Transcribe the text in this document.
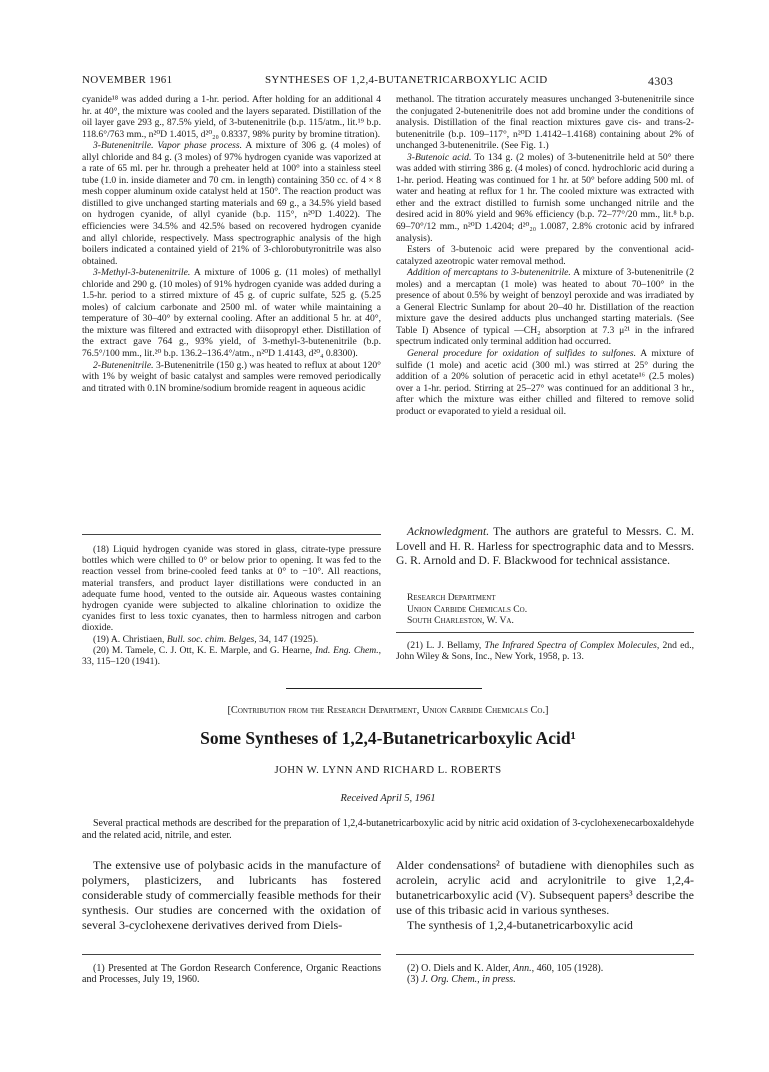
NOVEMBER 1961	SYNTHESES OF 1,2,4-BUTANETRICARBOXYLIC ACID	4303

cyanide¹⁸ was added during a 1-hr. period. After holding for an additional 4 hr. at 40°, the mixture was cooled and the layers separated. Distillation of the oil layer gave 293 g., 87.5% yield, of 3-butenenitrile (b.p. 115/atm., lit.¹⁹ b.p. 118.6°/763 mm., n²⁰D 1.4015, d²⁰₂₀ 0.8337, 98% purity by bromine titration).

3-Butenenitrile. Vapor phase process. A mixture of 306 g. (4 moles) of allyl chloride and 84 g. (3 moles) of 97% hydrogen cyanide was vaporized at a rate of 65 ml. per hr. through a preheater held at 100° into a stainless steel tube (1.0 in. inside diameter and 70 cm. in length) containing 350 cc. of 4 × 8 mesh copper aluminum oxide catalyst held at 150°. The reaction product was distilled to give unchanged starting materials and 69 g., a 34.5% yield based on hydrogen cyanide, of allyl cyanide (b.p. 115°, n²⁰D 1.4022). The efficiencies were 34.5% and 42.5% based on recovered hydrogen cyanide and allyl chloride, respectively. Mass spectrographic analysis of the high boilers indicated a contained yield of 21% of 3-chlorobutyronitrile was also obtained.

3-Methyl-3-butenenitrile. A mixture of 1006 g. (11 moles) of methallyl chloride and 290 g. (10 moles) of 91% hydrogen cyanide was added during a 1.5-hr. period to a stirred mixture of 45 g. of cupric sulfate, 525 g. (5.25 moles) of calcium carbonate and 2500 ml. of water while maintaining a temperature of 30–40° by external cooling. After an additional 5 hr. at 40°, the mixture was filtered and extracted with diisopropyl ether. Distillation of the extract gave 764 g., 93% yield, of 3-methyl-3-butenenitrile (b.p. 76.5°/100 mm., lit.²⁰ b.p. 136.2–136.4°/atm., n²⁰D 1.4143, d²⁰₄ 0.8300).

2-Butenenitrile. 3-Butenenitrile (150 g.) was heated to reflux at about 120° with 1% by weight of basic catalyst and samples were removed periodically and titrated with 0.1N bromine/sodium bromide reagent in aqueous acidic

methanol. The titration accurately measures unchanged 3-butenenitrile since the conjugated 2-butenenitrile does not add bromine under the conditions of analysis. Distillation of the final reaction mixtures gave cis- and trans-2-butenenitrile (b.p. 109–117°, n²⁰D 1.4142–1.4168) containing about 2% of unchanged 3-butenenitrile. (See Fig. 1.)

3-Butenoic acid. To 134 g. (2 moles) of 3-butenenitrile held at 50° there was added with stirring 386 g. (4 moles) of concd. hydrochloric acid during a 1-hr. period. Heating was continued for 1 hr. at 50° before adding 500 ml. of water and heating at reflux for 1 hr. The cooled mixture was extracted with ether and the extract distilled to furnish some unchanged nitrile and the desired acid in 80% yield and 96% efficiency (b.p. 72–77°/20 mm., lit.⁸ b.p. 69–70°/12 mm., n²⁰D 1.4204; d²⁰₂₀ 1.0087, 2.8% crotonic acid by infrared analysis).

Esters of 3-butenoic acid were prepared by the conventional acid-catalyzed azeotropic water removal method.

Addition of mercaptans to 3-butenenitrile. A mixture of 3-butenenitrile (2 moles) and a mercaptan (1 mole) was heated to about 70–100° in the presence of about 0.5% by weight of benzoyl peroxide and was irradiated by a General Electric Sunlamp for about 20–40 hr. Distillation of the reaction mixture gave the desired adducts plus unchanged starting materials. (See Table I) Absence of typical —CH₂ absorption at 7.3 μ²¹ in the infrared spectrum indicated only terminal addition had occurred.

General procedure for oxidation of sulfides to sulfones. A mixture of sulfide (1 mole) and acetic acid (300 ml.) was stirred at 25° during the addition of a 20% solution of peracetic acid in ethyl acetate¹⁶ (2.5 moles) over a 1-hr. period. Stirring at 25–27° was continued for an additional 3 hr., after which the mixture was either chilled and filtered to remove solid product or evaporated to yield a residual oil.

(18) Liquid hydrogen cyanide was stored in glass, citrate-type pressure bottles which were chilled to 0° or below prior to opening. It was fed to the reaction vessel from brine-cooled feed tanks at 0° to −10°. All reactions, material transfers, and product layer distillations were conducted in an adequate fume hood, vented to the outside air. Aqueous wastes containing hydrogen cyanide were subjected to alkaline chlorination to oxidize the cyanides first to less toxic cyanates, then to harmless nitrogen and carbon dioxide.

(19) A. Christiaen, Bull. soc. chim. Belges, 34, 147 (1925).

(20) M. Tamele, C. J. Ott, K. E. Marple, and G. Hearne, Ind. Eng. Chem., 33, 115–120 (1941).

Acknowledgment. The authors are grateful to Messrs. C. M. Lovell and H. R. Harless for spectrographic data and to Messrs. G. R. Arnold and D. F. Blackwood for technical assistance.

Research Department
Union Carbide Chemicals Co.
South Charleston, W. Va.

(21) L. J. Bellamy, The Infrared Spectra of Complex Molecules, 2nd ed., John Wiley & Sons, Inc., New York, 1958, p. 13.

[Contribution from the Research Department, Union Carbide Chemicals Co.]
Some Syntheses of 1,2,4-Butanetricarboxylic Acid¹
JOHN W. LYNN AND RICHARD L. ROBERTS
Received April 5, 1961

Several practical methods are described for the preparation of 1,2,4-butanetricarboxylic acid by nitric acid oxidation of 3-cyclohexenecarboxaldehyde and the related acid, nitrile, and ester.

The extensive use of polybasic acids in the manufacture of polymers, plasticizers, and lubricants has fostered considerable study of commercially feasible methods for their synthesis. Our studies are concerned with the oxidation of several 3-cyclohexene derivatives derived from Diels-

Alder condensations² of butadiene with dienophiles such as acrolein, acrylic acid and acrylonitrile to give 1,2,4-butanetricarboxylic acid (V). Subsequent papers³ describe the use of this tribasic acid in various syntheses.

The synthesis of 1,2,4-butanetricarboxylic acid

(1) Presented at The Gordon Research Conference, Organic Reactions and Processes, July 19, 1960.

(2) O. Diels and K. Alder, Ann., 460, 105 (1928).

(3) J. Org. Chem., in press.
